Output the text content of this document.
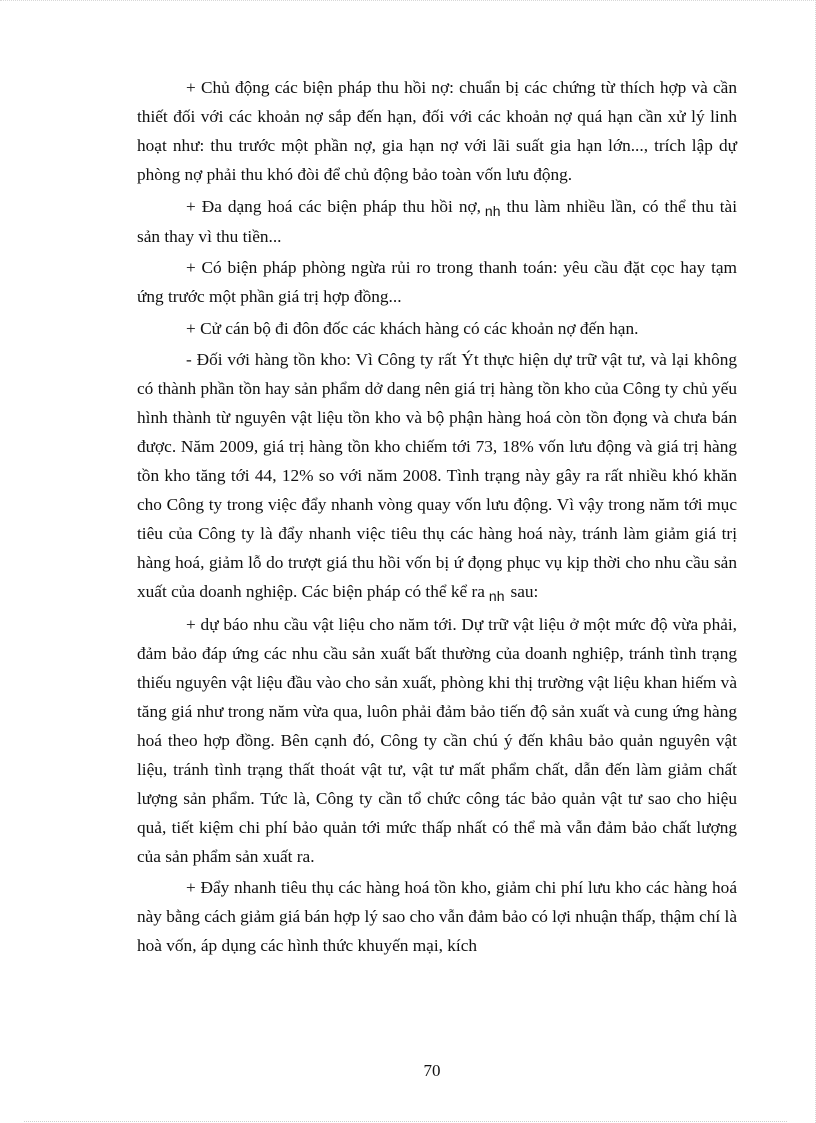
+ Chủ động các biện pháp thu hồi nợ: chuẩn bị các chứng từ thích hợp và cần thiết đối với các khoản nợ sắp đến hạn, đối với các khoản nợ quá hạn cần xử lý linh hoạt như: thu trước một phần nợ, gia hạn nợ với lãi suất gia hạn lớn..., trích lập dự phòng nợ phải thu khó đòi để chủ động bảo toàn vốn lưu động.

+ Đa dạng hoá các biện pháp thu hồi nợ, $_{nh}$ thu làm nhiều lần, có thể thu tài sản thay vì thu tiền...

+ Có biện pháp phòng ngừa rủi ro trong thanh toán: yêu cầu đặt cọc hay tạm ứng trước một phần giá trị hợp đồng...

+ Cử cán bộ đi đôn đốc các khách hàng có các khoản nợ đến hạn.

- Đối với hàng tồn kho: Vì Công ty rất Ýt thực hiện dự trữ vật tư, và lại không có thành phần tồn hay sản phẩm dở dang nên giá trị hàng tồn kho của Công ty chủ yếu hình thành từ nguyên vật liệu tồn kho và bộ phận hàng hoá còn tồn đọng và chưa bán được. Năm 2009, giá trị hàng tồn kho chiếm tới 73, 18% vốn lưu động và giá trị hàng tồn kho tăng tới 44, 12% so với năm 2008. Tình trạng này gây ra rất nhiều khó khăn cho Công ty trong việc đẩy nhanh vòng quay vốn lưu động. Vì vậy trong năm tới mục tiêu của Công ty là đẩy nhanh việc tiêu thụ các hàng hoá này, tránh làm giảm giá trị hàng hoá, giảm lỗ do trượt giá thu hồi vốn bị ứ đọng phục vụ kịp thời cho nhu cầu sản xuất của doanh nghiệp. Các biện pháp có thể kể ra $_{nh}$ sau:

+ dự báo nhu cầu vật liệu cho năm tới. Dự trữ vật liệu ở một mức độ vừa phải, đảm bảo đáp ứng các nhu cầu sản xuất bất thường của doanh nghiệp, tránh tình trạng thiếu nguyên vật liệu đầu vào cho sản xuất, phòng khi thị trường vật liệu khan hiếm và tăng giá như trong năm vừa qua, luôn phải đảm bảo tiến độ sản xuất và cung ứng hàng hoá theo hợp đồng. Bên cạnh đó, Công ty cần chú ý đến khâu bảo quản nguyên vật liệu, tránh tình trạng thất thoát vật tư, vật tư mất phẩm chất, dẫn đến làm giảm chất lượng sản phẩm. Tức là, Công ty cần tổ chức công tác bảo quản vật tư sao cho hiệu quả, tiết kiệm chi phí bảo quản tới mức thấp nhất có thể mà vẫn đảm bảo chất lượng của sản phẩm sản xuất ra.

+ Đẩy nhanh tiêu thụ các hàng hoá tồn kho, giảm chi phí lưu kho các hàng hoá này bằng cách giảm giá bán hợp lý sao cho vẫn đảm bảo có lợi nhuận thấp, thậm chí là hoà vốn, áp dụng các hình thức khuyến mại, kích

70
